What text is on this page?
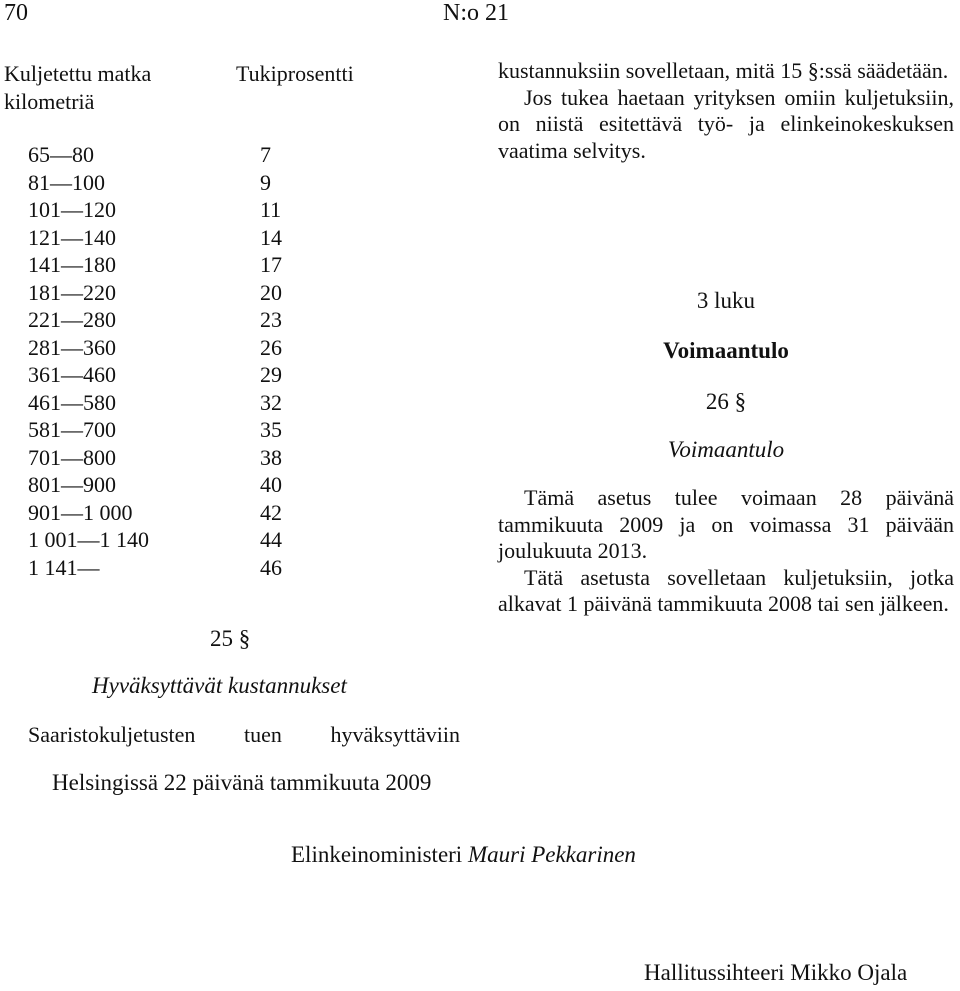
70	N:o 21
Kuljetettu matka
kilometriä
Tukiprosentti
65—80	7
81—100	9
101—120	11
121—140	14
141—180	17
181—220	20
221—280	23
281—360	26
361—460	29
461—580	32
581—700	35
701—800	38
801—900	40
901—1 000	42
1 001—1 140	44
1 141—	46
25 §
Hyväksyttävät kustannukset
Saaristokuljetusten tuen hyväksyttäviin

kustannuksiin sovelletaan, mitä 15 §:ssä säädetään.

Jos tukea haetaan yrityksen omiin kuljetuksiin, on niistä esitettävä työ- ja elinkeinokeskuksen vaatima selvitys.

3 luku
Voimaantulo
26 §
Voimaantulo

Tämä asetus tulee voimaan 28 päivänä tammikuuta 2009 ja on voimassa 31 päivään joulukuuta 2013.

Tätä asetusta sovelletaan kuljetuksiin, jotka alkavat 1 päivänä tammikuuta 2008 tai sen jälkeen.

Helsingissä 22 päivänä tammikuuta 2009
Elinkeinoministeri Mauri Pekkarinen
Hallitussihteeri Mikko Ojala
